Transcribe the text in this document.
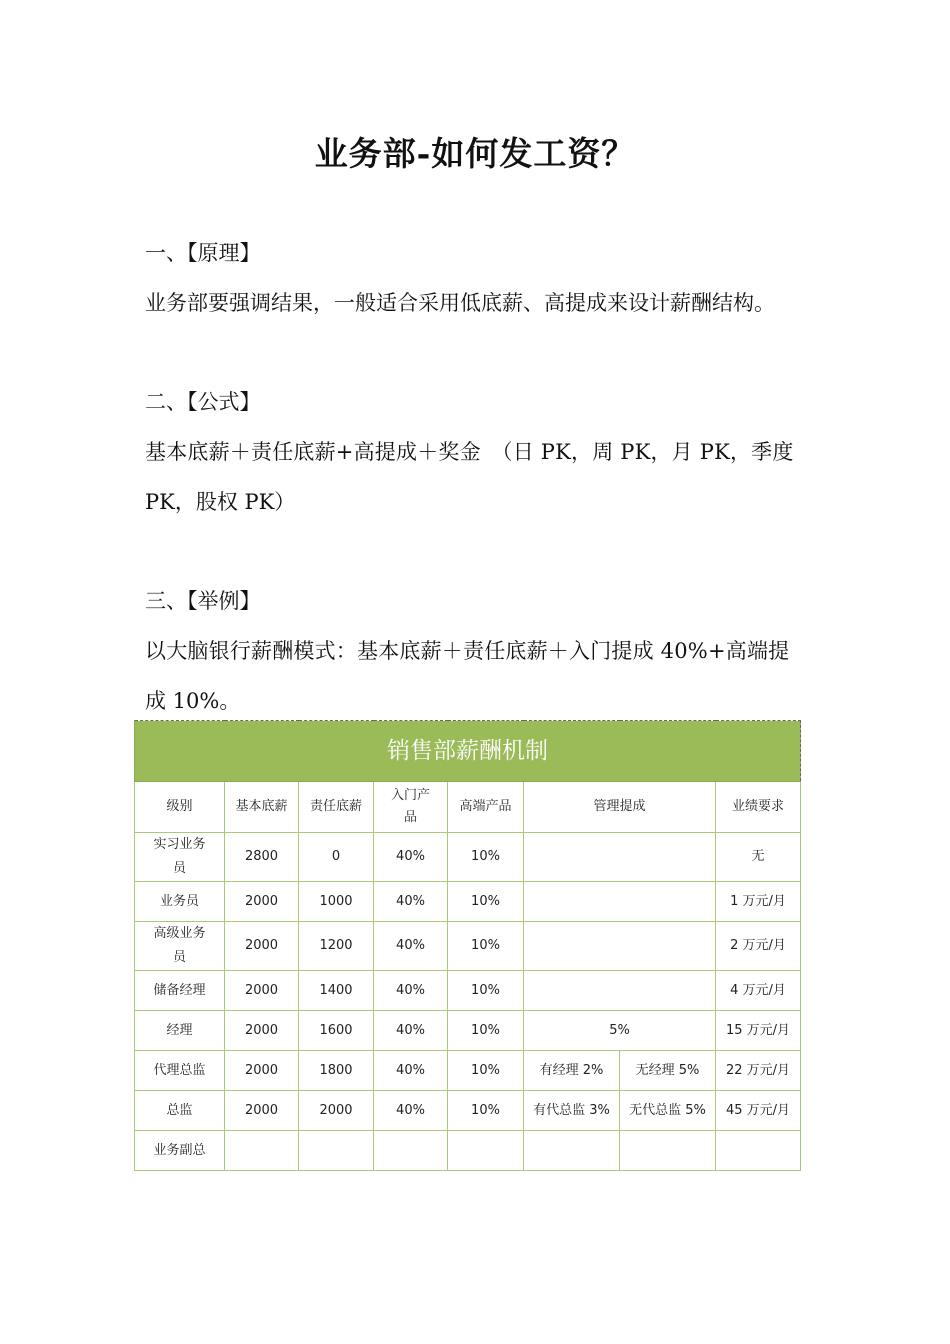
业务部-如何发工资？

一、【原理】

业务部要强调结果，一般适合采用低底薪、高提成来设计薪酬结构。

二、【公式】

基本底薪＋责任底薪+高提成＋奖金　（日 PK，周 PK，月 PK，季度

PK，股权 PK）

三、【举例】

以大脑银行薪酬模式：基本底薪＋责任底薪＋入门提成 40%+高端提

成 10%。

销售部薪酬机制							
级别	基本底薪	责任底薪	入门产品	高端产品	管理提成		业绩要求
实习业务员	2800	0	40%	10%			无
业务员	2000	1000	40%	10%			1 万元/月
高级业务员	2000	1200	40%	10%			2 万元/月
储备经理	2000	1400	40%	10%			4 万元/月
经理	2000	1600	40%	10%	5%		15 万元/月
代理总监	2000	1800	40%	10%	有经理 2%	无经理 5%	22 万元/月
总监	2000	2000	40%	10%	有代总监 3%	无代总监 5%	45 万元/月
业务副总							
